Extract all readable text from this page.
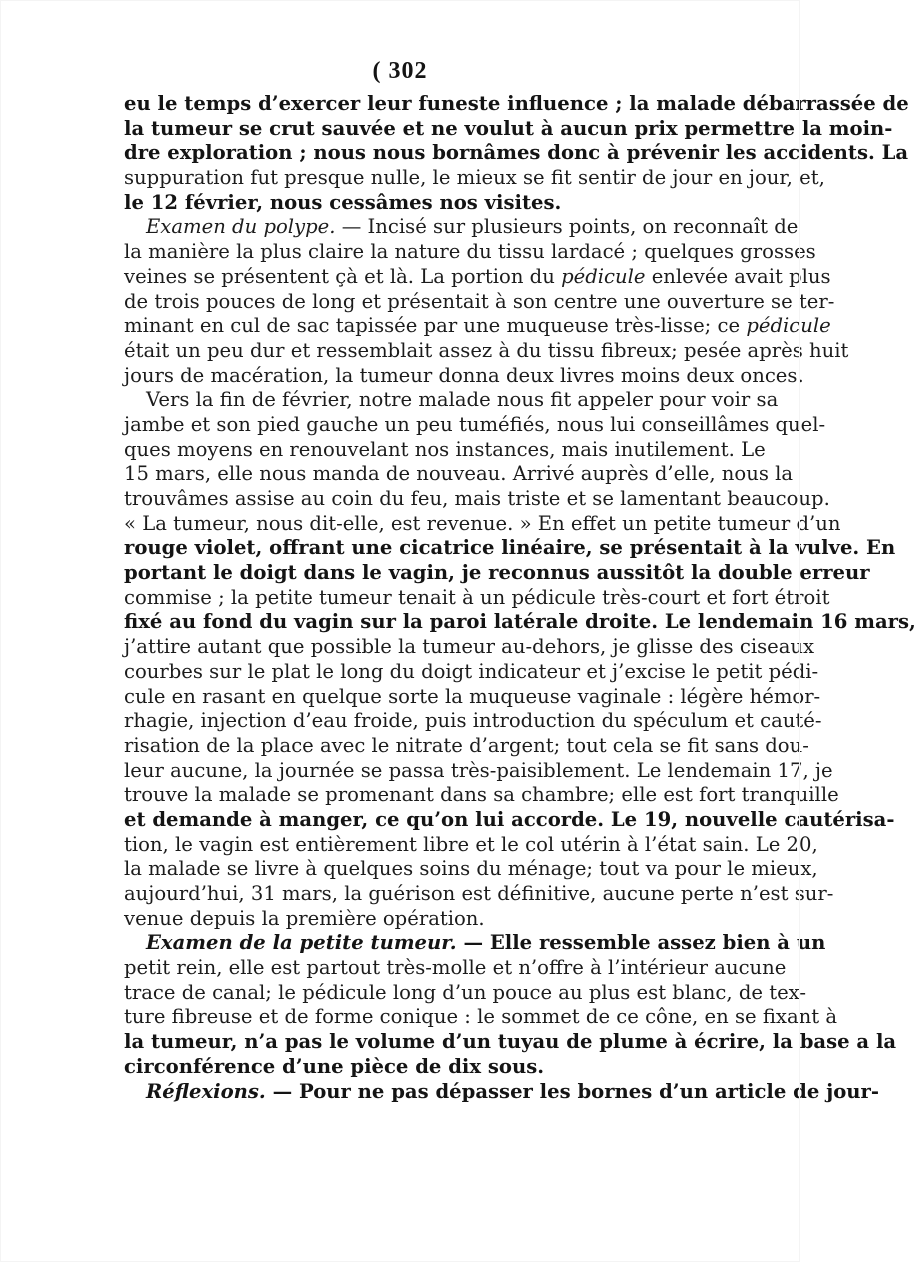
( 302
eu le temps d’exercer leur funeste influence ; la malade débarrassée de
la tumeur se crut sauvée et ne voulut à aucun prix permettre la moin-
dre exploration ; nous nous bornâmes donc à prévenir les accidents. La
suppuration fut presque nulle, le mieux se fit sentir de jour en jour, et,
le 12 février, nous cessâmes nos visites.
Examen du polype. — Incisé sur plusieurs points, on reconnaît de
la manière la plus claire la nature du tissu lardacé ; quelques grosses
veines se présentent çà et là. La portion du pédicule enlevée avait plus
de trois pouces de long et présentait à son centre une ouverture se ter-
minant en cul de sac tapissée par une muqueuse très-lisse; ce pédicule
était un peu dur et ressemblait assez à du tissu fibreux; pesée après huit
jours de macération, la tumeur donna deux livres moins deux onces.
Vers la fin de février, notre malade nous fit appeler pour voir sa
jambe et son pied gauche un peu tuméfiés, nous lui conseillâmes quel-
ques moyens en renouvelant nos instances, mais inutilement. Le
15 mars, elle nous manda de nouveau. Arrivé auprès d’elle, nous la
trouvâmes assise au coin du feu, mais triste et se lamentant beaucoup.
« La tumeur, nous dit-elle, est revenue. » En effet un petite tumeur d’un
rouge violet, offrant une cicatrice linéaire, se présentait à la vulve. En
portant le doigt dans le vagin, je reconnus aussitôt la double erreur
commise ; la petite tumeur tenait à un pédicule très-court et fort étroit
fixé au fond du vagin sur la paroi latérale droite. Le lendemain 16 mars,
j’attire autant que possible la tumeur au-dehors, je glisse des ciseaux
courbes sur le plat le long du doigt indicateur et j’excise le petit pédi-
cule en rasant en quelque sorte la muqueuse vaginale : légère hémor-
rhagie, injection d’eau froide, puis introduction du spéculum et cauté-
risation de la place avec le nitrate d’argent; tout cela se fit sans dou-
leur aucune, la journée se passa très-paisiblement. Le lendemain 17, je
trouve la malade se promenant dans sa chambre; elle est fort tranquille
et demande à manger, ce qu’on lui accorde. Le 19, nouvelle cautérisa-
tion, le vagin est entièrement libre et le col utérin à l’état sain. Le 20,
la malade se livre à quelques soins du ménage; tout va pour le mieux,
aujourd’hui, 31 mars, la guérison est définitive, aucune perte n’est sur-
venue depuis la première opération.
Examen de la petite tumeur. — Elle ressemble assez bien à un
petit rein, elle est partout très-molle et n’offre à l’intérieur aucune
trace de canal; le pédicule long d’un pouce au plus est blanc, de tex-
ture fibreuse et de forme conique : le sommet de ce cône, en se fixant à
la tumeur, n’a pas le volume d’un tuyau de plume à écrire, la base a la
circonférence d’une pièce de dix sous.
Réflexions. — Pour ne pas dépasser les bornes d’un article de jour-
